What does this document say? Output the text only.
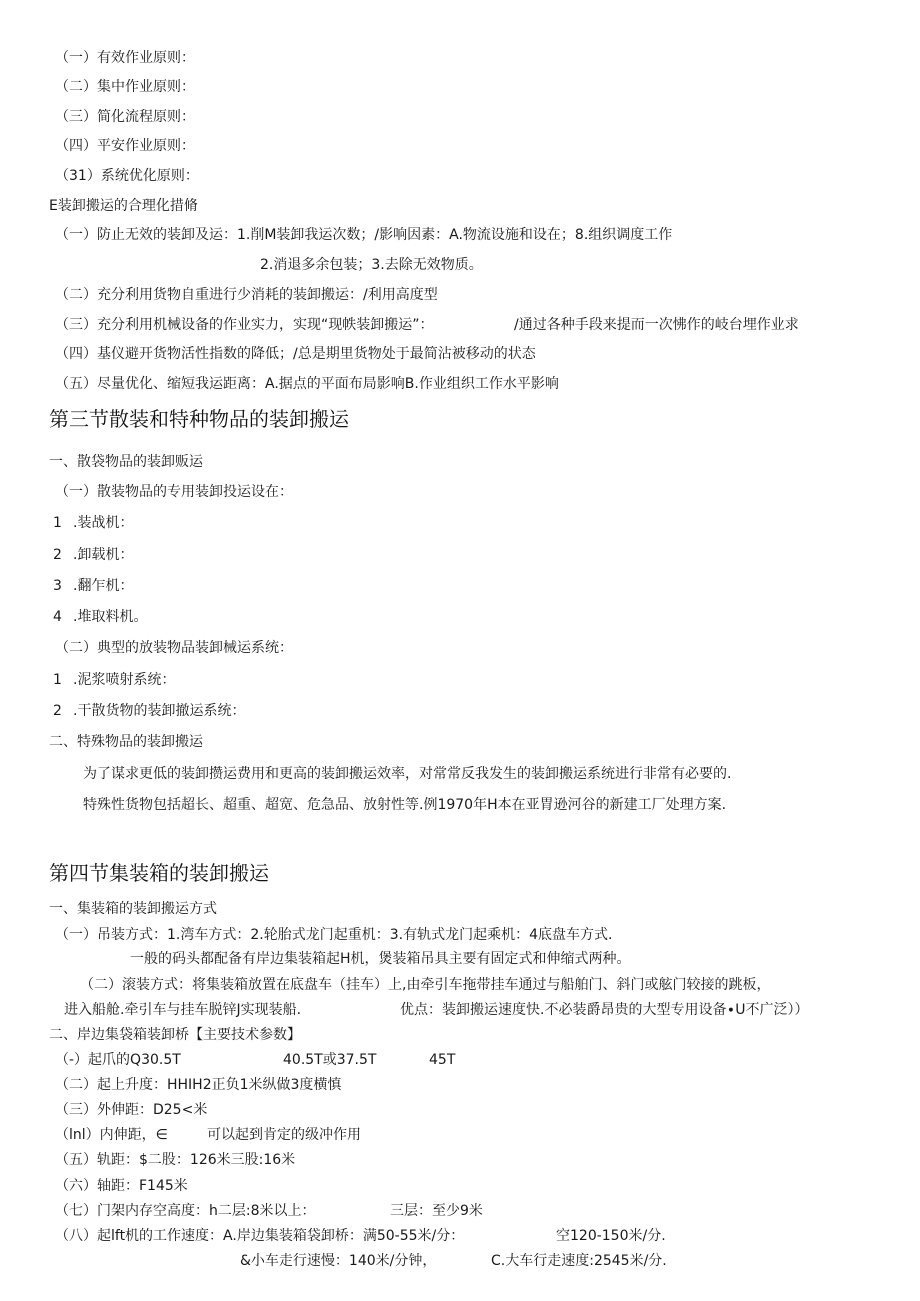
（一）有效作业原则：
（二）集中作业原则：
（三）简化流程原则：
（四）平安作业原则：
（31）系统优化原则：
E装卸搬运的合理化措脩
（一）防止无效的装卸及运：1.削M装卸我运次数；/影响因素：A.物流设施和设在；8.组织调度工作
2.消退多余包装；3.去除无效物质。
（二）充分利用货物自重进行少消耗的装卸搬运：/利用高度型
（三）充分利用机械设备的作业实力，实现“现帙装卸搬运”：	/通过各种手段来提而一次怫作的岐台埋作业求
（四）基仪避开货物活性指数的降低；/总是期里货物处于最简沾被移动的状态
（五）尽量优化、缩短我运距离：A.据点的平面布局影响B.作业组织工作水平影响
第三节散装和特种物品的装卸搬运
一、散袋物品的装卸贩运
（一）散装物品的专用装卸投运设在：
1 .装战机：
2 .卸载机：
3 .翻乍机：
4 .堆取料机。
（二）典型的放装物品装卸械运系统：
1 .泥浆喷射系统：
2 .干散货物的装卸撤运系统：
二、特殊物品的装卸搬运
为了谋求更低的装卸攒运费用和更高的装卸搬运效率，对常常反我发生的装卸搬运系统进行非常有必要的.
特殊性货物包括超长、超重、超宽、危急品、放射性等.例1970年H本在亚胃逊河谷的新建工厂处理方案.
第四节集装箱的装卸搬运
一、集装箱的装卸搬运方式
（一）吊装方式：1.湾车方式：2.轮胎式龙门起重机：3.有轨式龙门起乘机：4底盘车方式.
一般的码头都配备有岸边集装箱起H机，煲装箱吊具主要有固定式和伸缩式两种。
（二）滚装方式：将集装箱放置在底盘车（挂车）上,由牵引车拖带挂车通过与船舶门、斜门或舷门较接的跳板，
进入船舱.牵引车与挂车脱锌J实现装船.	优点：装卸搬运速度快.不必装爵昂贵的大型专用设备∙U不广泛））
二、岸边集袋箱装卸桥【主要技术参数】
（-）起爪的Q30.5T	40.5T或37.5T	45T
（二）起上升度：HHIH2正负1米纵做3度横慎
（三）外伸距：D25<米
（lnl）内伸距，∈	可以起到肯定的级冲作用
（五）轨距：$二股：126米三股:16米
（六）轴距：F145米
（七）门架内存空高度：h二层:8米以上：	三层：至少9米
（八）起lft机的工作速度：A.岸边集装箱袋卸桥：满50-55米/分：	空120-150米/分.
&小车走行速慢：140米/分钟，	C.大车行走速度:2545米/分.
